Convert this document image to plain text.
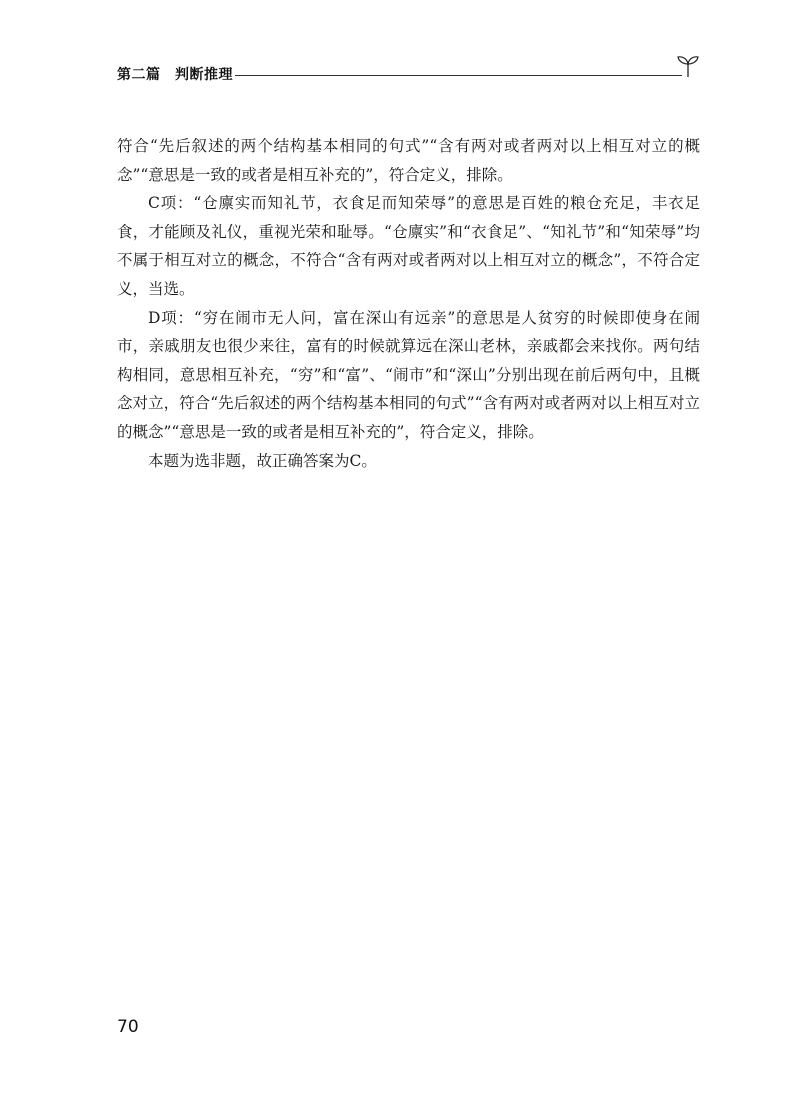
第二篇　判断推理

符合“先后叙述的两个结构基本相同的句式”“含有两对或者两对以上相互对立的概念”“意思是一致的或者是相互补充的”，符合定义，排除。

C项：“仓廪实而知礼节，衣食足而知荣辱”的意思是百姓的粮仓充足，丰衣足食，才能顾及礼仪，重视光荣和耻辱。“仓廪实”和“衣食足”、“知礼节”和“知荣辱”均不属于相互对立的概念，不符合“含有两对或者两对以上相互对立的概念”，不符合定义，当选。

D项：“穷在闹市无人问，富在深山有远亲”的意思是人贫穷的时候即使身在闹市，亲戚朋友也很少来往，富有的时候就算远在深山老林，亲戚都会来找你。两句结构相同，意思相互补充，“穷”和“富”、“闹市”和“深山”分别出现在前后两句中，且概念对立，符合“先后叙述的两个结构基本相同的句式”“含有两对或者两对以上相互对立的概念”“意思是一致的或者是相互补充的”，符合定义，排除。

本题为选非题，故正确答案为C。

70
